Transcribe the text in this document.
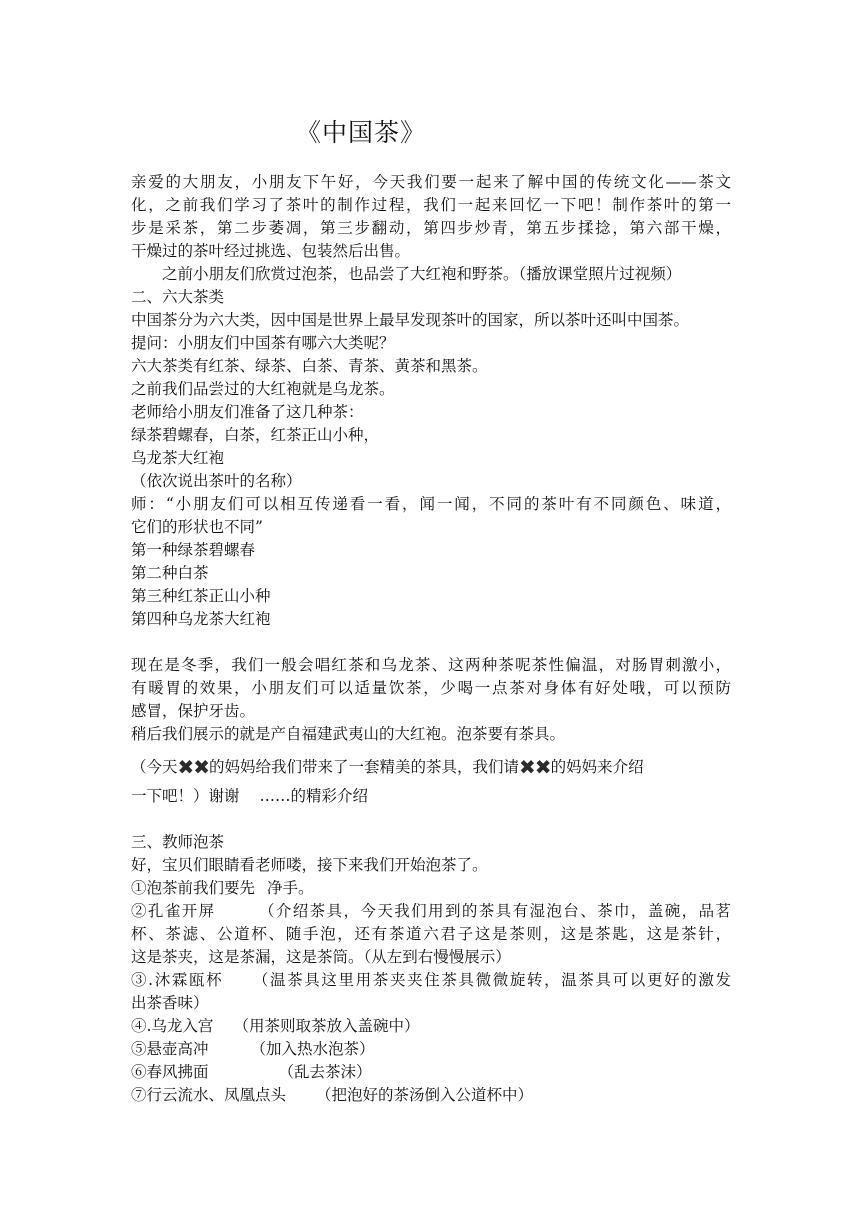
《中国茶》

亲爱的大朋友，小朋友下午好，今天我们要一起来了解中国的传统文化——茶文

化，之前我们学习了茶叶的制作过程，我们一起来回忆一下吧！制作茶叶的第一

步是采茶，第二步萎凋，第三步翻动，第四步炒青，第五步揉捻，第六部干燥，

干燥过的茶叶经过挑选、包装然后出售。

之前小朋友们欣赏过泡茶，也品尝了大红袍和野茶。（播放课堂照片过视频）

二、六大茶类

中国茶分为六大类，因中国是世界上最早发现茶叶的国家，所以茶叶还叫中国茶。

提问：小朋友们中国茶有哪六大类呢？

六大茶类有红茶、绿茶、白茶、青茶、黄茶和黑茶。

之前我们品尝过的大红袍就是乌龙茶。

老师给小朋友们准备了这几种茶：

绿茶碧螺春，白茶，红茶正山小种，

乌龙茶大红袍

（依次说出茶叶的名称）

师：“小朋友们可以相互传递看一看，闻一闻，不同的茶叶有不同颜色、味道，

它们的形状也不同”

第一种绿茶碧螺春

第二种白茶

第三种红茶正山小种

第四种乌龙茶大红袍

现在是冬季，我们一般会唱红茶和乌龙茶、这两种茶呢茶性偏温，对肠胃刺激小，

有暖胃的效果，小朋友们可以适量饮茶，少喝一点茶对身体有好处哦，可以预防

感冒，保护牙齿。

稍后我们展示的就是产自福建武夷山的大红袍。泡茶要有茶具。

（今天✖✖的妈妈给我们带来了一套精美的茶具，我们请✖✖的妈妈来介绍

一下吧！）谢谢 ……的精彩介绍

三、教师泡茶

好，宝贝们眼睛看老师喽，接下来我们开始泡茶了。

①泡茶前我们要先 净手。

②孔雀开屏	（介绍茶具，今天我们用到的茶具有湿泡台、茶巾，盖碗，品茗

杯、茶滤、公道杯、随手泡，还有茶道六君子这是茶则，这是茶匙，这是茶针，

这是茶夹，这是茶漏，这是茶筒。（从左到右慢慢展示）

③.沐霖瓯杯 （温茶具这里用茶夹夹住茶具微微旋转，温茶具可以更好的激发

出茶香味）

④.乌龙入宫 （用茶则取茶放入盖碗中）

⑤悬壶高冲	（加入热水泡茶）

⑥春风拂面	（乱去茶沫）

⑦行云流水、凤凰点头 （把泡好的茶汤倒入公道杯中）
